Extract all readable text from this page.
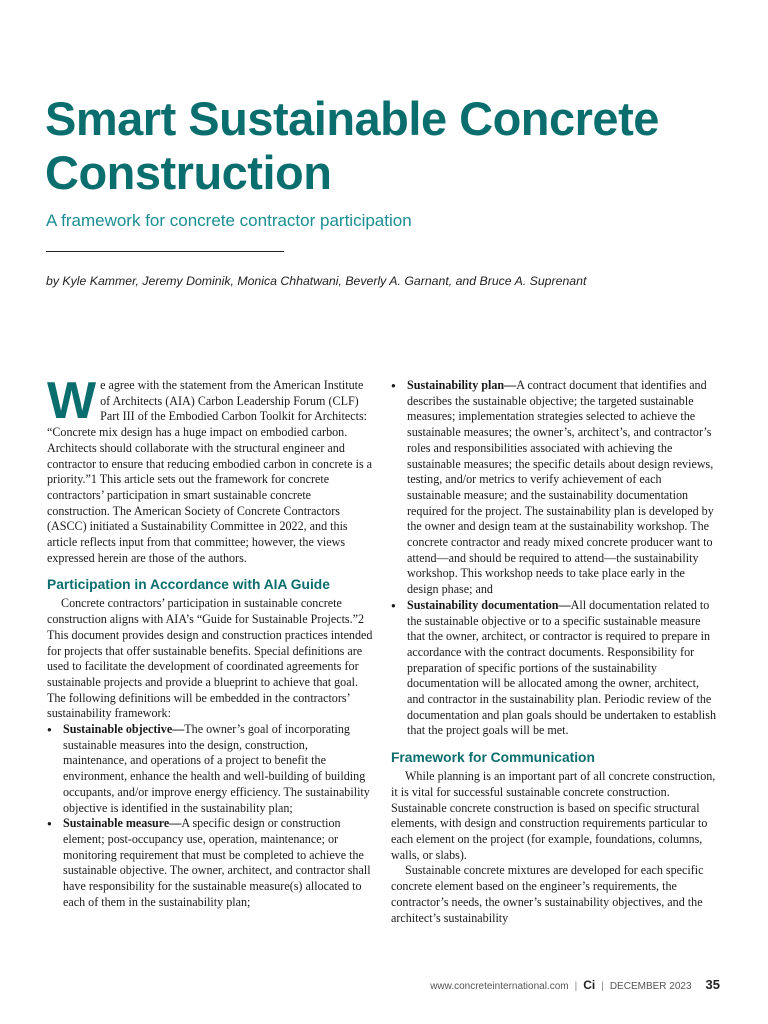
Smart Sustainable Concrete Construction

A framework for concrete contractor participation

by Kyle Kammer, Jeremy Dominik, Monica Chhatwani, Beverly A. Garnant, and Bruce A. Suprenant

We agree with the statement from the American Institute of Architects (AIA) Carbon Leadership Forum (CLF) Part III of the Embodied Carbon Toolkit for Architects: “Concrete mix design has a huge impact on embodied carbon. Architects should collaborate with the structural engineer and contractor to ensure that reducing embodied carbon in concrete is a priority.”1 This article sets out the framework for concrete contractors’ participation in smart sustainable concrete construction. The American Society of Concrete Contractors (ASCC) initiated a Sustainability Committee in 2022, and this article reflects input from that committee; however, the views expressed herein are those of the authors.

Participation in Accordance with AIA Guide

Concrete contractors’ participation in sustainable concrete construction aligns with AIA’s “Guide for Sustainable Projects.”2 This document provides design and construction practices intended for projects that offer sustainable benefits. Special definitions are used to facilitate the development of coordinated agreements for sustainable projects and provide a blueprint to achieve that goal. The following definitions will be embedded in the contractors’ sustainability framework:

● Sustainable objective—The owner’s goal of incorporating sustainable measures into the design, construction, maintenance, and operations of a project to benefit the environment, enhance the health and well-building of building occupants, and/or improve energy efficiency. The sustainability objective is identified in the sustainability plan;
● Sustainable measure—A specific design or construction element; post-occupancy use, operation, maintenance; or monitoring requirement that must be completed to achieve the sustainable objective. The owner, architect, and contractor shall have responsibility for the sustainable measure(s) allocated to each of them in the sustainability plan;
● Sustainability plan—A contract document that identifies and describes the sustainable objective; the targeted sustainable measures; implementation strategies selected to achieve the sustainable measures; the owner’s, architect’s, and contractor’s roles and responsibilities associated with achieving the sustainable measures; the specific details about design reviews, testing, and/or metrics to verify achievement of each sustainable measure; and the sustainability documentation required for the project. The sustainability plan is developed by the owner and design team at the sustainability workshop. The concrete contractor and ready mixed concrete producer want to attend—and should be required to attend—the sustainability workshop. This workshop needs to take place early in the design phase; and
● Sustainability documentation—All documentation related to the sustainable objective or to a specific sustainable measure that the owner, architect, or contractor is required to prepare in accordance with the contract documents. Responsibility for preparation of specific portions of the sustainability documentation will be allocated among the owner, architect, and contractor in the sustainability plan. Periodic review of the documentation and plan goals should be undertaken to establish that the project goals will be met.
Framework for Communication

While planning is an important part of all concrete construction, it is vital for successful sustainable concrete construction. Sustainable concrete construction is based on specific structural elements, with design and construction requirements particular to each element on the project (for example, foundations, columns, walls, or slabs).

Sustainable concrete mixtures are developed for each specific concrete element based on the engineer’s requirements, the contractor’s needs, the owner’s sustainability objectives, and the architect’s sustainability

www.concreteinternational.com | Ci | DECEMBER 2023 35
